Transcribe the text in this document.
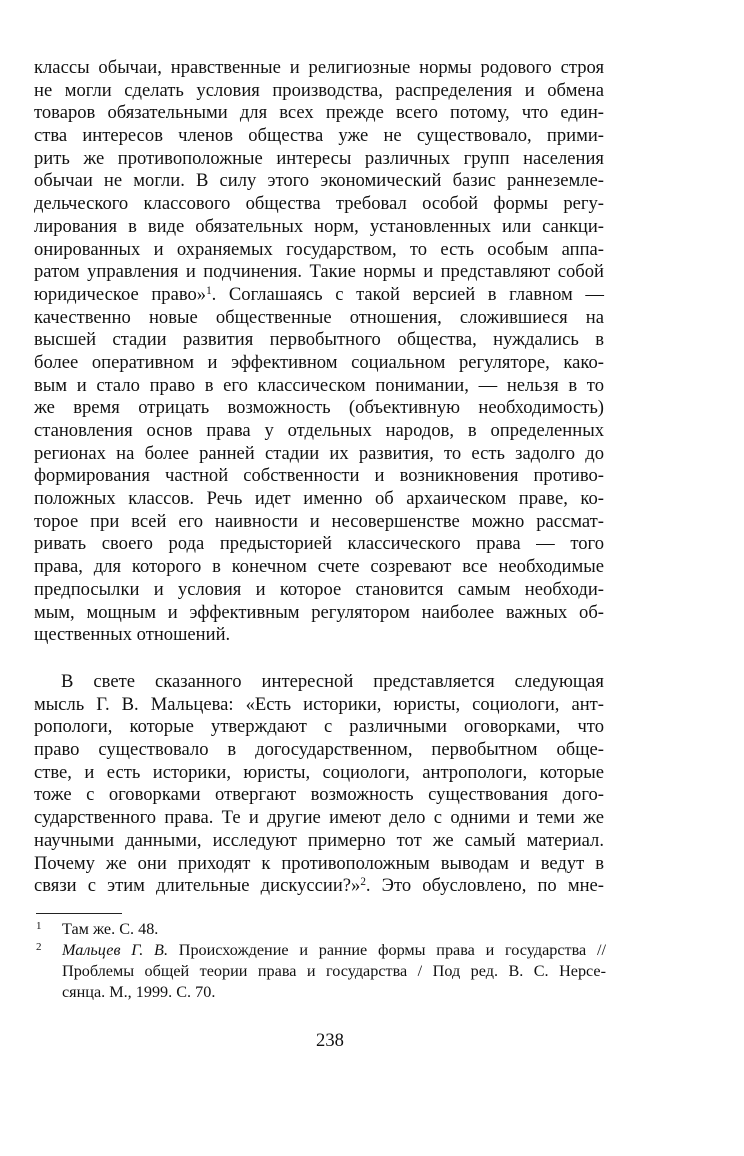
классы обычаи, нравственные и религиозные нормы родового строя
не могли сделать условия производства, распределения и обмена
товаров обязательными для всех прежде всего потому, что един-
ства интересов членов общества уже не существовало, прими-
рить же противоположные интересы различных групп населения
обычаи не могли. В силу этого экономический базис раннеземле-
дельческого классового общества требовал особой формы регу-
лирования в виде обязательных норм, установленных или санкци-
онированных и охраняемых государством, то есть особым аппа-
ратом управления и подчинения. Такие нормы и представляют собой
юридическое право»$^1$. Соглашаясь с такой версией в главном —
качественно новые общественные отношения, сложившиеся на
высшей стадии развития первобытного общества, нуждались в
более оперативном и эффективном социальном регуляторе, како-
вым и стало право в его классическом понимании, — нельзя в то
же время отрицать возможность (объективную необходимость)
становления основ права у отдельных народов, в определенных
регионах на более ранней стадии их развития, то есть задолго до
формирования частной собственности и возникновения противо-
положных классов. Речь идет именно об архаическом праве, ко-
торое при всей его наивности и несовершенстве можно рассмат-
ривать своего рода предысторией классического права — того
права, для которого в конечном счете созревают все необходимые
предпосылки и условия и которое становится самым необходи-
мым, мощным и эффективным регулятором наиболее важных об-
щественных отношений.
В свете сказанного интересной представляется следующая
мысль Г. В. Мальцева: «Есть историки, юристы, социологи, ант-
ропологи, которые утверждают с различными оговорками, что
право существовало в догосударственном, первобытном обще-
стве, и есть историки, юристы, социологи, антропологи, которые
тоже с оговорками отвергают возможность существования дого-
сударственного права. Те и другие имеют дело с одними и теми же
научными данными, исследуют примерно тот же самый материал.
Почему же они приходят к противоположным выводам и ведут в
связи с этим длительные дискуссии?»$^2$. Это обусловлено, по мне-
1 Там же. С. 48.
2 Мальцев Г. В. Происхождение и ранние формы права и государства //
Проблемы общей теории права и государства / Под ред. В. С. Нерсе-
сянца. М., 1999. С. 70.
238
